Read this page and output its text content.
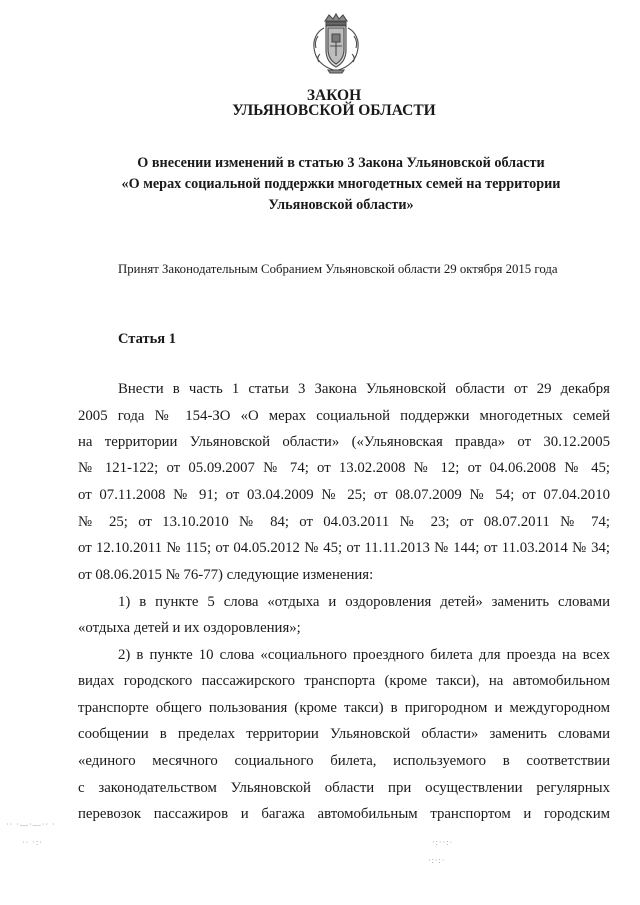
ЗАКОН
УЛЬЯНОВСКОЙ ОБЛАСТИ
О внесении изменений в статью 3 Закона Ульяновской области
«О мерах социальной поддержки многодетных семей на территории
Ульяновской области»

Принят Законодательным Собранием Ульяновской области 29 октября 2015 года

Статья 1

Внести в часть 1 статьи 3 Закона Ульяновской области от 29 декабря

2005 года № 154-ЗО «О мерах социальной поддержки многодетных семей

на территории Ульяновской области» («Ульяновская правда» от 30.12.2005

№ 121-122; от 05.09.2007 № 74; от 13.02.2008 № 12; от 04.06.2008 № 45;

от 07.11.2008 № 91; от 03.04.2009 № 25; от 08.07.2009 № 54; от 07.04.2010

№ 25; от 13.10.2010 № 84; от 04.03.2011 № 23; от 08.07.2011 № 74;

от 12.10.2011 № 115; от 04.05.2012 № 45; от 11.11.2013 № 144; от 11.03.2014 № 34;

от 08.06.2015 № 76-77) следующие изменения:

1) в пункте 5 слова «отдыха и оздоровления детей» заменить словами

«отдыха детей и их оздоровления»;

2) в пункте 10 слова «социального проездного билета для проезда на всех

видах городского пассажирского транспорта (кроме такси), на автомобильном

транспорте общего пользования (кроме такси) в пригородном и междугородном

сообщении в пределах территории Ульяновской области» заменить словами

«единого месячного социального билета, используемого в соответствии

с законодательством Ульяновской области при осуществлении регулярных

перевозок пассажиров и багажа автомобильным транспортом и городским

·· ·—·—·· ·
·· ·:·	·:··:·
·:·:·
